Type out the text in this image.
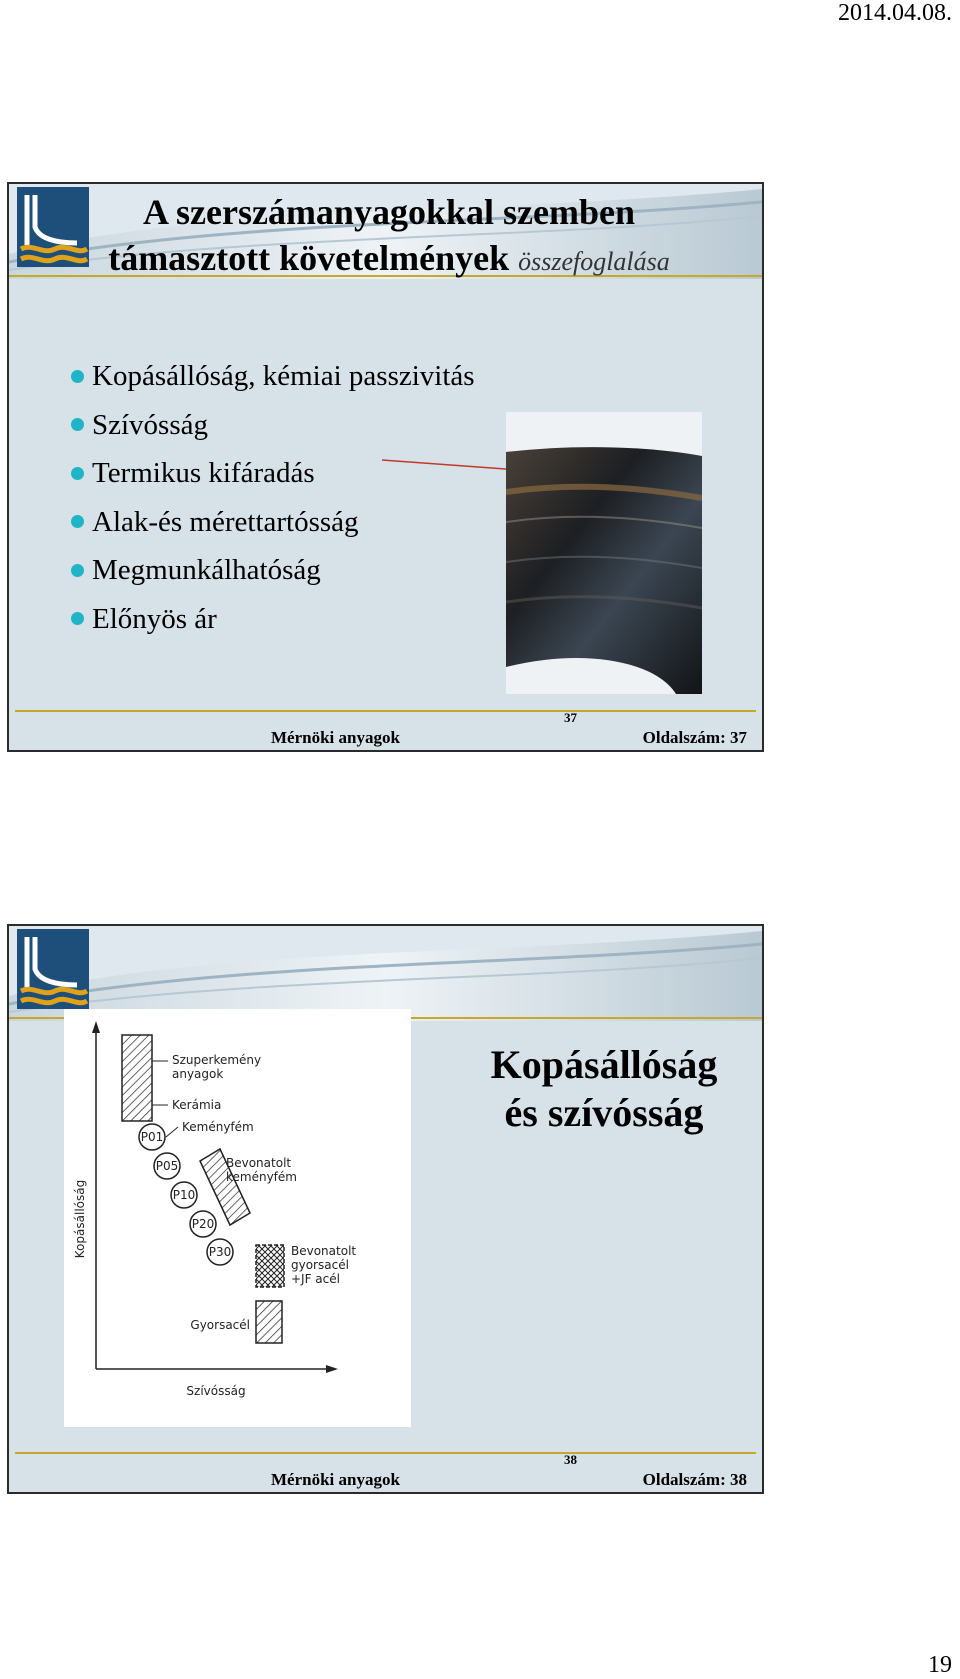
2014.04.08.
A szerszámanyagokkal szemben
támasztott követelmények összefoglalása
Kopásállóság, kémiai passzivitás
Szívósság
Termikus kifáradás
Alak-és mérettartósság
Megmunkálhatóság
Előnyös ár
37
Mérnöki anyagok	Oldalszám: 37
Kopásállóság
Szívósság
Szuperkemény
anyagok
Kerámia
Keményfém
P01
P05
P10
P20
P30
Bevonatolt
keményfém
Bevonatolt
gyorsacél
+JF acél
Gyorsacél
Kopásállóság
és szívósság
38
Mérnöki anyagok	Oldalszám: 38
19
